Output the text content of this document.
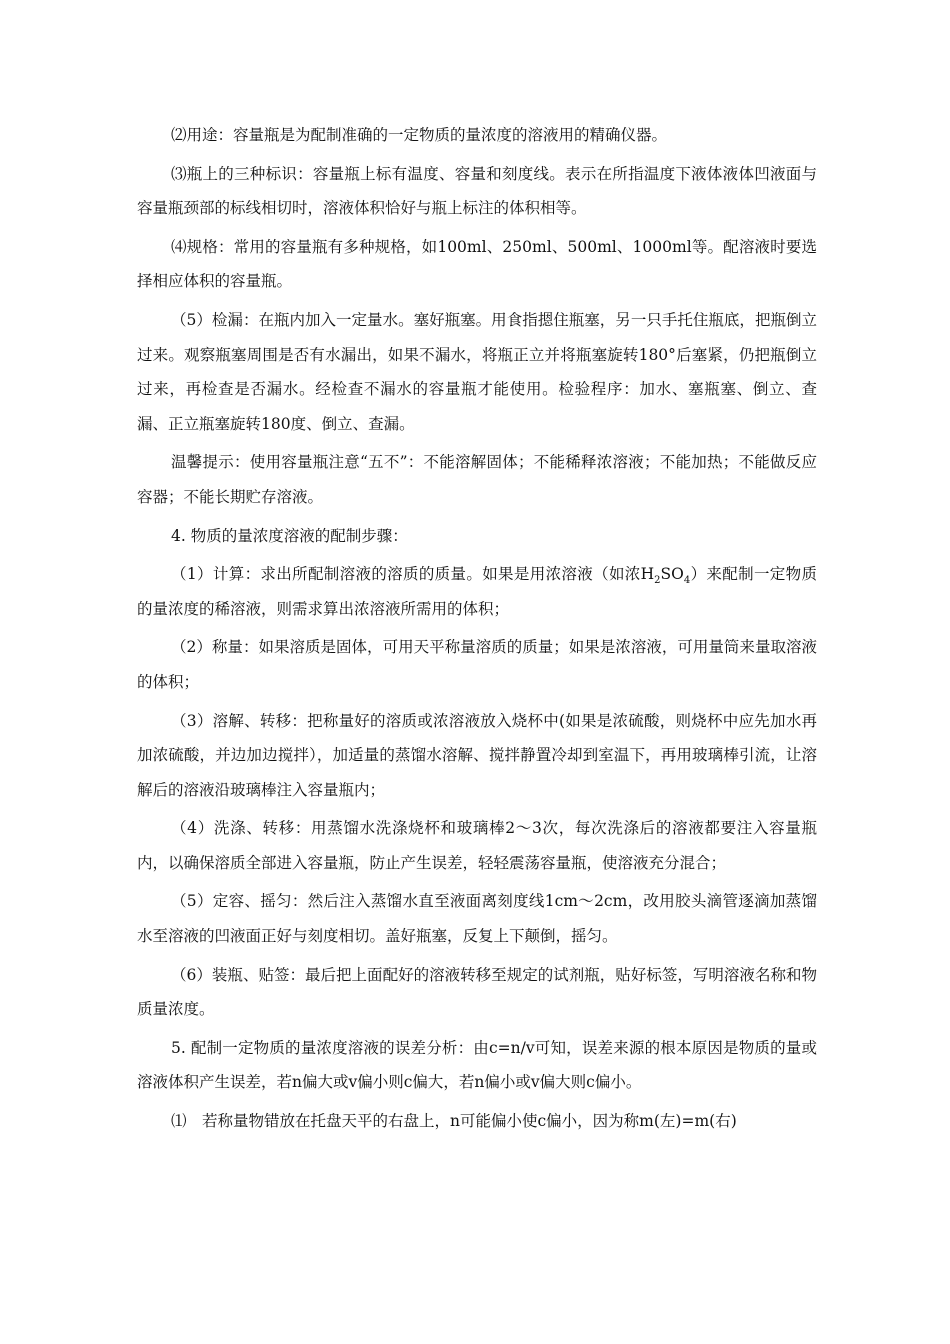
⑵用途：容量瓶是为配制准确的一定物质的量浓度的溶液用的精确仪器。

⑶瓶上的三种标识：容量瓶上标有温度、容量和刻度线。表示在所指温度下液体液体凹液面与容量瓶颈部的标线相切时，溶液体积恰好与瓶上标注的体积相等。

⑷规格：常用的容量瓶有多种规格，如100ml、250ml、500ml、1000ml等。配溶液时要选择相应体积的容量瓶。

（5）检漏：在瓶内加入一定量水。塞好瓶塞。用食指摁住瓶塞，另一只手托住瓶底，把瓶倒立过来。观察瓶塞周围是否有水漏出，如果不漏水，将瓶正立并将瓶塞旋转180°后塞紧，仍把瓶倒立过来，再检查是否漏水。经检查不漏水的容量瓶才能使用。检验程序：加水、塞瓶塞、倒立、查漏、正立瓶塞旋转180度、倒立、查漏。

温馨提示：使用容量瓶注意“五不”：不能溶解固体；不能稀释浓溶液；不能加热；不能做反应容器；不能长期贮存溶液。

4. 物质的量浓度溶液的配制步骤：

（1）计算：求出所配制溶液的溶质的质量。如果是用浓溶液（如浓$H_2SO_4$）来配制一定物质的量浓度的稀溶液，则需求算出浓溶液所需用的体积；

（2）称量：如果溶质是固体，可用天平称量溶质的质量；如果是浓溶液，可用量筒来量取溶液的体积；

（3）溶解、转移：把称量好的溶质或浓溶液放入烧杯中(如果是浓硫酸，则烧杯中应先加水再加浓硫酸，并边加边搅拌），加适量的蒸馏水溶解、搅拌静置冷却到室温下，再用玻璃棒引流，让溶解后的溶液沿玻璃棒注入容量瓶内；

（4）洗涤、转移：用蒸馏水洗涤烧杯和玻璃棒2～3次，每次洗涤后的溶液都要注入容量瓶内，以确保溶质全部进入容量瓶，防止产生误差，轻轻震荡容量瓶，使溶液充分混合；

（5）定容、摇匀：然后注入蒸馏水直至液面离刻度线1cm～2cm，改用胶头滴管逐滴加蒸馏水至溶液的凹液面正好与刻度相切。盖好瓶塞，反复上下颠倒，摇匀。

（6）装瓶、贴签：最后把上面配好的溶液转移至规定的试剂瓶，贴好标签，写明溶液名称和物质量浓度。

5. 配制一定物质的量浓度溶液的误差分析：由c=n/v可知，误差来源的根本原因是物质的量或溶液体积产生误差，若n偏大或v偏小则c偏大，若n偏小或v偏大则c偏小。

⑴　若称量物错放在托盘天平的右盘上，n可能偏小使c偏小，因为称m(左)=m(右)
